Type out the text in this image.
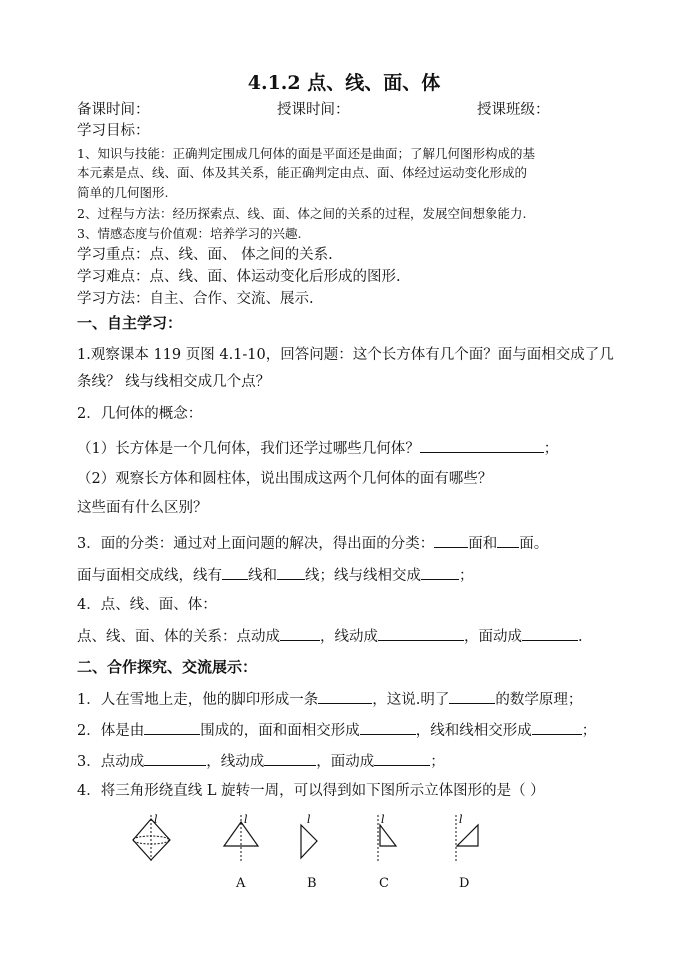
4.1.2 点、线、面、体
备课时间：	授课时间：	授课班级：
学习目标：
1、知识与技能：正确判定围成几何体的面是平面还是曲面；了解几何图形构成的基
本元素是点、线、面、体及其关系，能正确判定由点、面、体经过运动变化形成的
简单的几何图形.
2、过程与方法：经历探索点、线、面、体之间的关系的过程，发展空间想象能力.
3、情感态度与价值观：培养学习的兴趣.
学习重点：点、线、面、 体之间的关系.
学习难点：点、线、面、体运动变化后形成的图形.
学习方法：自主、合作、交流、展示.
一、自主学习：
1.观察课本 119 页图 4.1-10，回答问题：这个长方体有几个面？面与面相交成了几
条线？ 线与线相交成几个点？
2．几何体的概念：
（1）长方体是一个几何体，我们还学过哪些几何体？	；
（2）观察长方体和圆柱体，说出围成这两个几何体的面有哪些？
这些面有什么区别？
3．面的分类：通过对上面问题的解决，得出面的分类： 面和 面。
面与面相交成线，线有 线和 线；线与线相交成	；
4．点、线、面、体：
点、线、面、体的关系：点动成	，线动成	，面动成	.
二、合作探究、交流展示：
1．人在雪地上走，他的脚印形成一条	，这说.明了	的数学原理；
2．体是由	围成的，面和面相交形成	，线和线相交形成	；
3．点动成	，线动成	，面动成	；
4．将三角形绕直线 L 旋转一周，可以得到如下图所示立体图形的是（ ）
l	l	l	l	l
A	B	C	D
